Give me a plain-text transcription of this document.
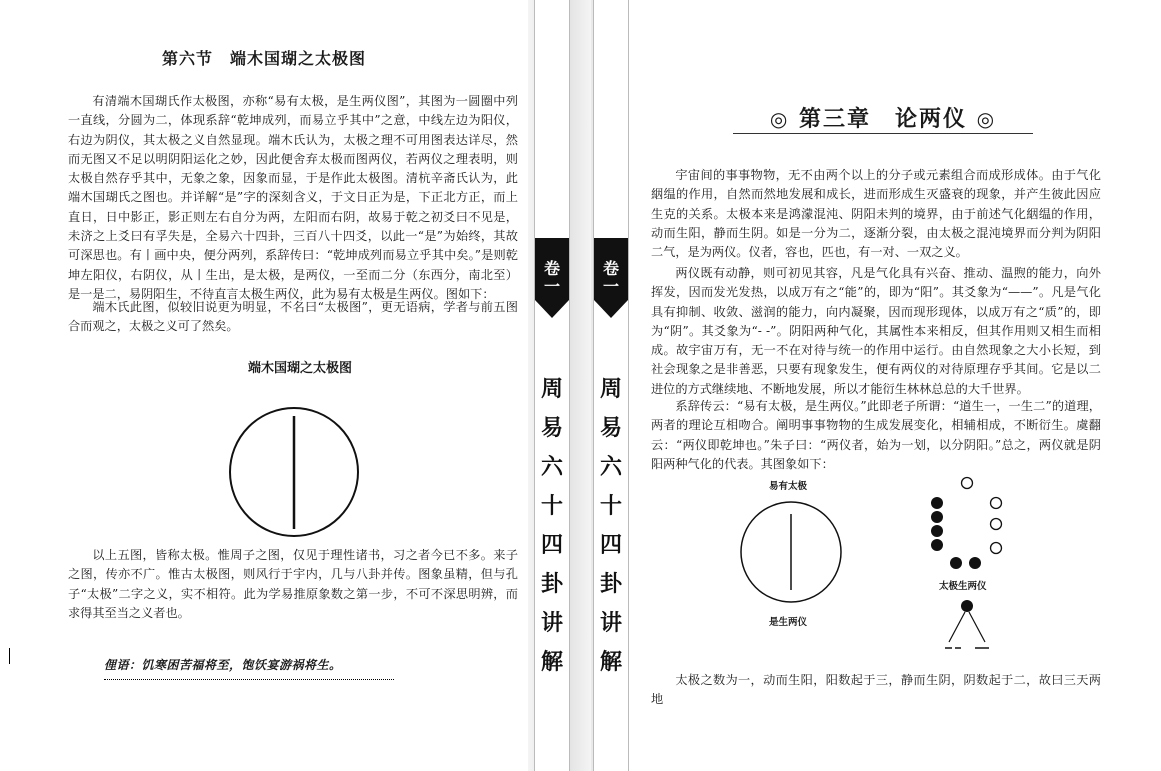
第六节　端木国瑚之太极图

有清端木国瑚氏作太极图，亦称“易有太极，是生两仪图”，其图为一圆圈中列一直线，分圆为二，体现系辞“乾坤成列，而易立乎其中”之意，中线左边为阳仪，右边为阴仪，其太极之义自然显现。端木氏认为，太极之理不可用图表达详尽，然而无图又不足以明阴阳运化之妙，因此便舍弃太极而图两仪，若两仪之理表明，则太极自然存乎其中，无象之象，因象而显，于是作此太极图。清杭辛斋氏认为，此端木国瑚氏之图也。并详解“是”字的深刻含义，于文日正为是，下正北方正，而上直日，日中影正，影正则左右自分为两，左阳而右阴，故易于乾之初爻曰不见是，未济之上爻曰有孚失是，全易六十四卦，三百八十四爻，以此一“是”为始终，其故可深思也。有丨画中央，便分两列，系辞传曰：“乾坤成列而易立乎其中矣。”是则乾坤左阳仪，右阴仪，从丨生出，是太极，是两仪，一至而二分（东西分，南北至）是一是二，易阴阳生，不待直言太极生两仪，此为易有太极是生两仪。图如下：

端木氏此图，似较旧说更为明显，不名曰“太极图”，更无语病，学者与前五图合而观之，太极之义可了然矣。

端木国瑚之太极图

以上五图，皆称太极。惟周子之图，仅见于理性诸书，习之者今已不多。来子之图，传亦不广。惟古太极图，则风行于宇内，几与八卦并传。图象虽精，但与孔子“太极”二字之义，实不相符。此为学易推原象数之第一步，不可不深思明辨，而求得其至当之义者也。

俚语：饥寒困苦福将至，饱饫宴游祸将生。
卷
一
周
易
六
十
四
卦
讲
解
卷
一
周
易
六
十
四
卦
讲
解
◎ 第三章　论两仪 ◎

宇宙间的事事物物，无不由两个以上的分子或元素组合而成形成体。由于气化絪缊的作用，自然而然地发展和成长，进而形成生灭盛衰的现象，并产生彼此因应生克的关系。太极本来是鸿濛混沌、阴阳未判的境界，由于前述气化絪缊的作用，动而生阳，静而生阴。如是一分为二，逐渐分裂，由太极之混沌境界而分判为阴阳二气，是为两仪。仪者，容也，匹也，有一对、一双之义。

两仪既有动静，则可初见其容，凡是气化具有兴奋、推动、温煦的能力，向外挥发，因而发光发热，以成万有之“能”的，即为“阳”。其爻象为“——”。凡是气化具有抑制、收敛、滋润的能力，向内凝聚，因而现形现体，以成万有之“质”的，即为“阴”。其爻象为“- -”。阴阳两种气化，其属性本来相反，但其作用则又相生而相成。故宇宙万有，无一不在对待与统一的作用中运行。由自然现象之大小长短，到社会现象之是非善恶，只要有现象发生，便有两仪的对待原理存乎其间。它是以二进位的方式继续地、不断地发展，所以才能衍生林林总总的大千世界。

系辞传云：“易有太极，是生两仪。”此即老子所谓：“道生一，一生二”的道理，两者的理论互相吻合。阐明事事物物的生成发展变化，相辅相成，不断衍生。虞翻云：“两仪即乾坤也。”朱子曰：“两仪者，始为一划，以分阴阳。”总之，两仪就是阴阳两种气化的代表。其图象如下：

易有太极
是生两仪
太极生两仪

太极之数为一，动而生阳，阳数起于三，静而生阴，阴数起于二，故曰三天两地
